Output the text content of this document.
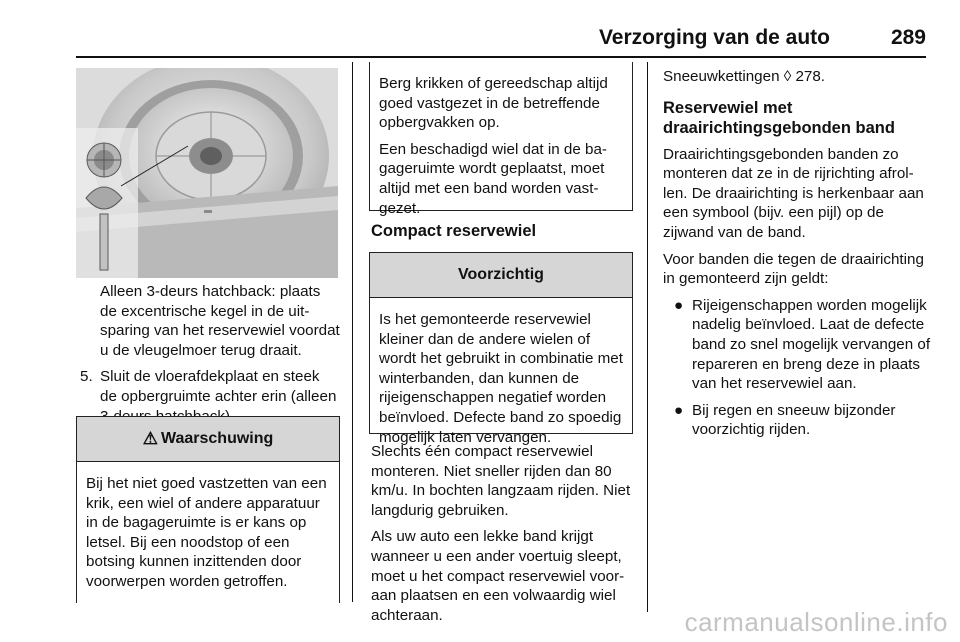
Verzorging van de auto	289

Alleen 3-deurs hatchback: plaats de excentrische kegel in de uitsparing van het reservewiel voordat u de vleugelmoer terug draait.

5. Sluit de vloerafdekplaat en steek de opbergruimte achter erin (alleen
⚠ Waarschuwing

Bij het niet goed vastzetten van een krik, een wiel of andere apparatuur in de bagageruimte is er kans op letsel. Bij een noodstop of een botsing kunnen inzittenden door voorwerpen worden getroffen.

Berg krikken of gereedschap altijd goed vastgezet in de betreffende opbergvakken op.

Een beschadigd wiel dat in de bagageruimte wordt geplaatst, moet altijd met een band worden vastgezet.

Compact reservewiel
Voorzichtig

Is het gemonteerde reservewiel kleiner dan de andere wielen of wordt het gebruikt in combinatie met winterbanden, dan kunnen de rijeigenschappen negatief worden beïnvloed. Defecte band zo spoedig mogelijk laten vervangen.

Slechts één compact reservewiel monteren. Niet sneller rijden dan 80 km/u. In bochten langzaam rijden. Niet langdurig gebruiken.

Als uw auto een lekke band krijgt wanneer u een ander voertuig sleept, moet u het compact reservewiel vooraan plaatsen en een volwaardig wiel achteraan.

Sneeuwkettingen ◊ 278.

Reservewiel met draairichtingsgebonden band

Draairichtingsgebonden banden zo monteren dat ze in de rijrichting afrollen. De draairichting is herkenbaar aan een symbool (bijv. een pijl) op de zijwand van de band.

Voor banden die tegen de draairichting in gemonteerd zijn geldt:

● Rijeigenschappen worden mogelijk nadelig beïnvloed. Laat de defecte band zo snel mogelijk vervangen of repareren en breng deze in plaats van het reservewiel aan.
● Bij regen en sneeuw bijzonder voorzichtig rijden.
carmanualsonline.info
